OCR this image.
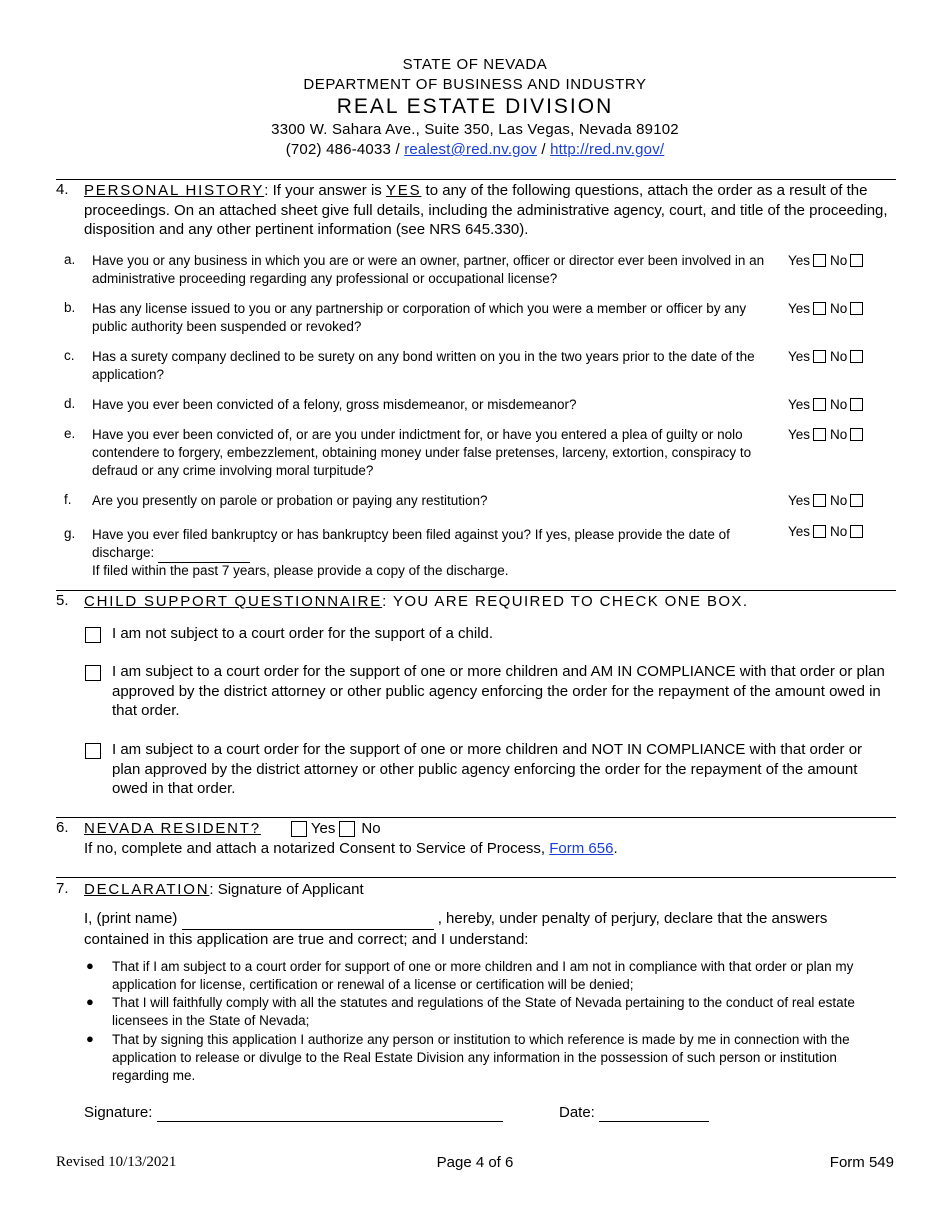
STATE OF NEVADA
DEPARTMENT OF BUSINESS AND INDUSTRY
REAL ESTATE DIVISION
3300 W. Sahara Ave., Suite 350, Las Vegas, Nevada 89102
(702) 486-4033 / realest@red.nv.gov / http://red.nv.gov/
4. PERSONAL HISTORY: If your answer is YES to any of the following questions, attach the order as a result of the proceedings. On an attached sheet give full details, including the administrative agency, court, and title of the proceeding, disposition and any other pertinent information (see NRS 645.330).
a. Have you or any business in which you are or were an owner, partner, officer or director ever been involved in an administrative proceeding regarding any professional or occupational license?
Yes No
b. Has any license issued to you or any partnership or corporation of which you were a member or officer by any public authority been suspended or revoked?
Yes No
c. Has a surety company declined to be surety on any bond written on you in the two years prior to the date of the application?
Yes No
d. Have you ever been convicted of a felony, gross misdemeanor, or misdemeanor?	Yes No
e. Have you ever been convicted of, or are you under indictment for, or have you entered a plea of guilty or nolo contendere to forgery, embezzlement, obtaining money under false pretenses, larceny, extortion, conspiracy to defraud or any crime involving moral turpitude?
Yes No
f. Are you presently on parole or probation or paying any restitution?	Yes No
g. Have you ever filed bankruptcy or has bankruptcy been filed against you? If yes, please provide the date of discharge:
If filed within the past 7 years, please provide a copy of the discharge.
Yes No
5. CHILD SUPPORT QUESTIONNAIRE: YOU ARE REQUIRED TO CHECK ONE BOX.
I am not subject to a court order for the support of a child.
I am subject to a court order for the support of one or more children and AM IN COMPLIANCE with that order or plan approved by the district attorney or other public agency enforcing the order for the repayment of the amount owed in that order.
I am subject to a court order for the support of one or more children and NOT IN COMPLIANCE with that order or plan approved by the district attorney or other public agency enforcing the order for the repayment of the amount owed in that order.
6. NEVADA RESIDENT?	Yes No
If no, complete and attach a notarized Consent to Service of Process, Form 656.
7. DECLARATION: Signature of Applicant
I, (print name)	, hereby, under penalty of perjury, declare that the answers contained in this application are true and correct; and I understand:
● That if I am subject to a court order for support of one or more children and I am not in compliance with that order or plan my application for license, certification or renewal of a license or certification will be denied;
● That I will faithfully comply with all the statutes and regulations of the State of Nevada pertaining to the conduct of real estate licensees in the State of Nevada;
● That by signing this application I authorize any person or institution to which reference is made by me in connection with the application to release or divulge to the Real Estate Division any information in the possession of such person or institution regarding me.
Signature:	Date:
Revised 10/13/2021	Page 4 of 6	Form 549
